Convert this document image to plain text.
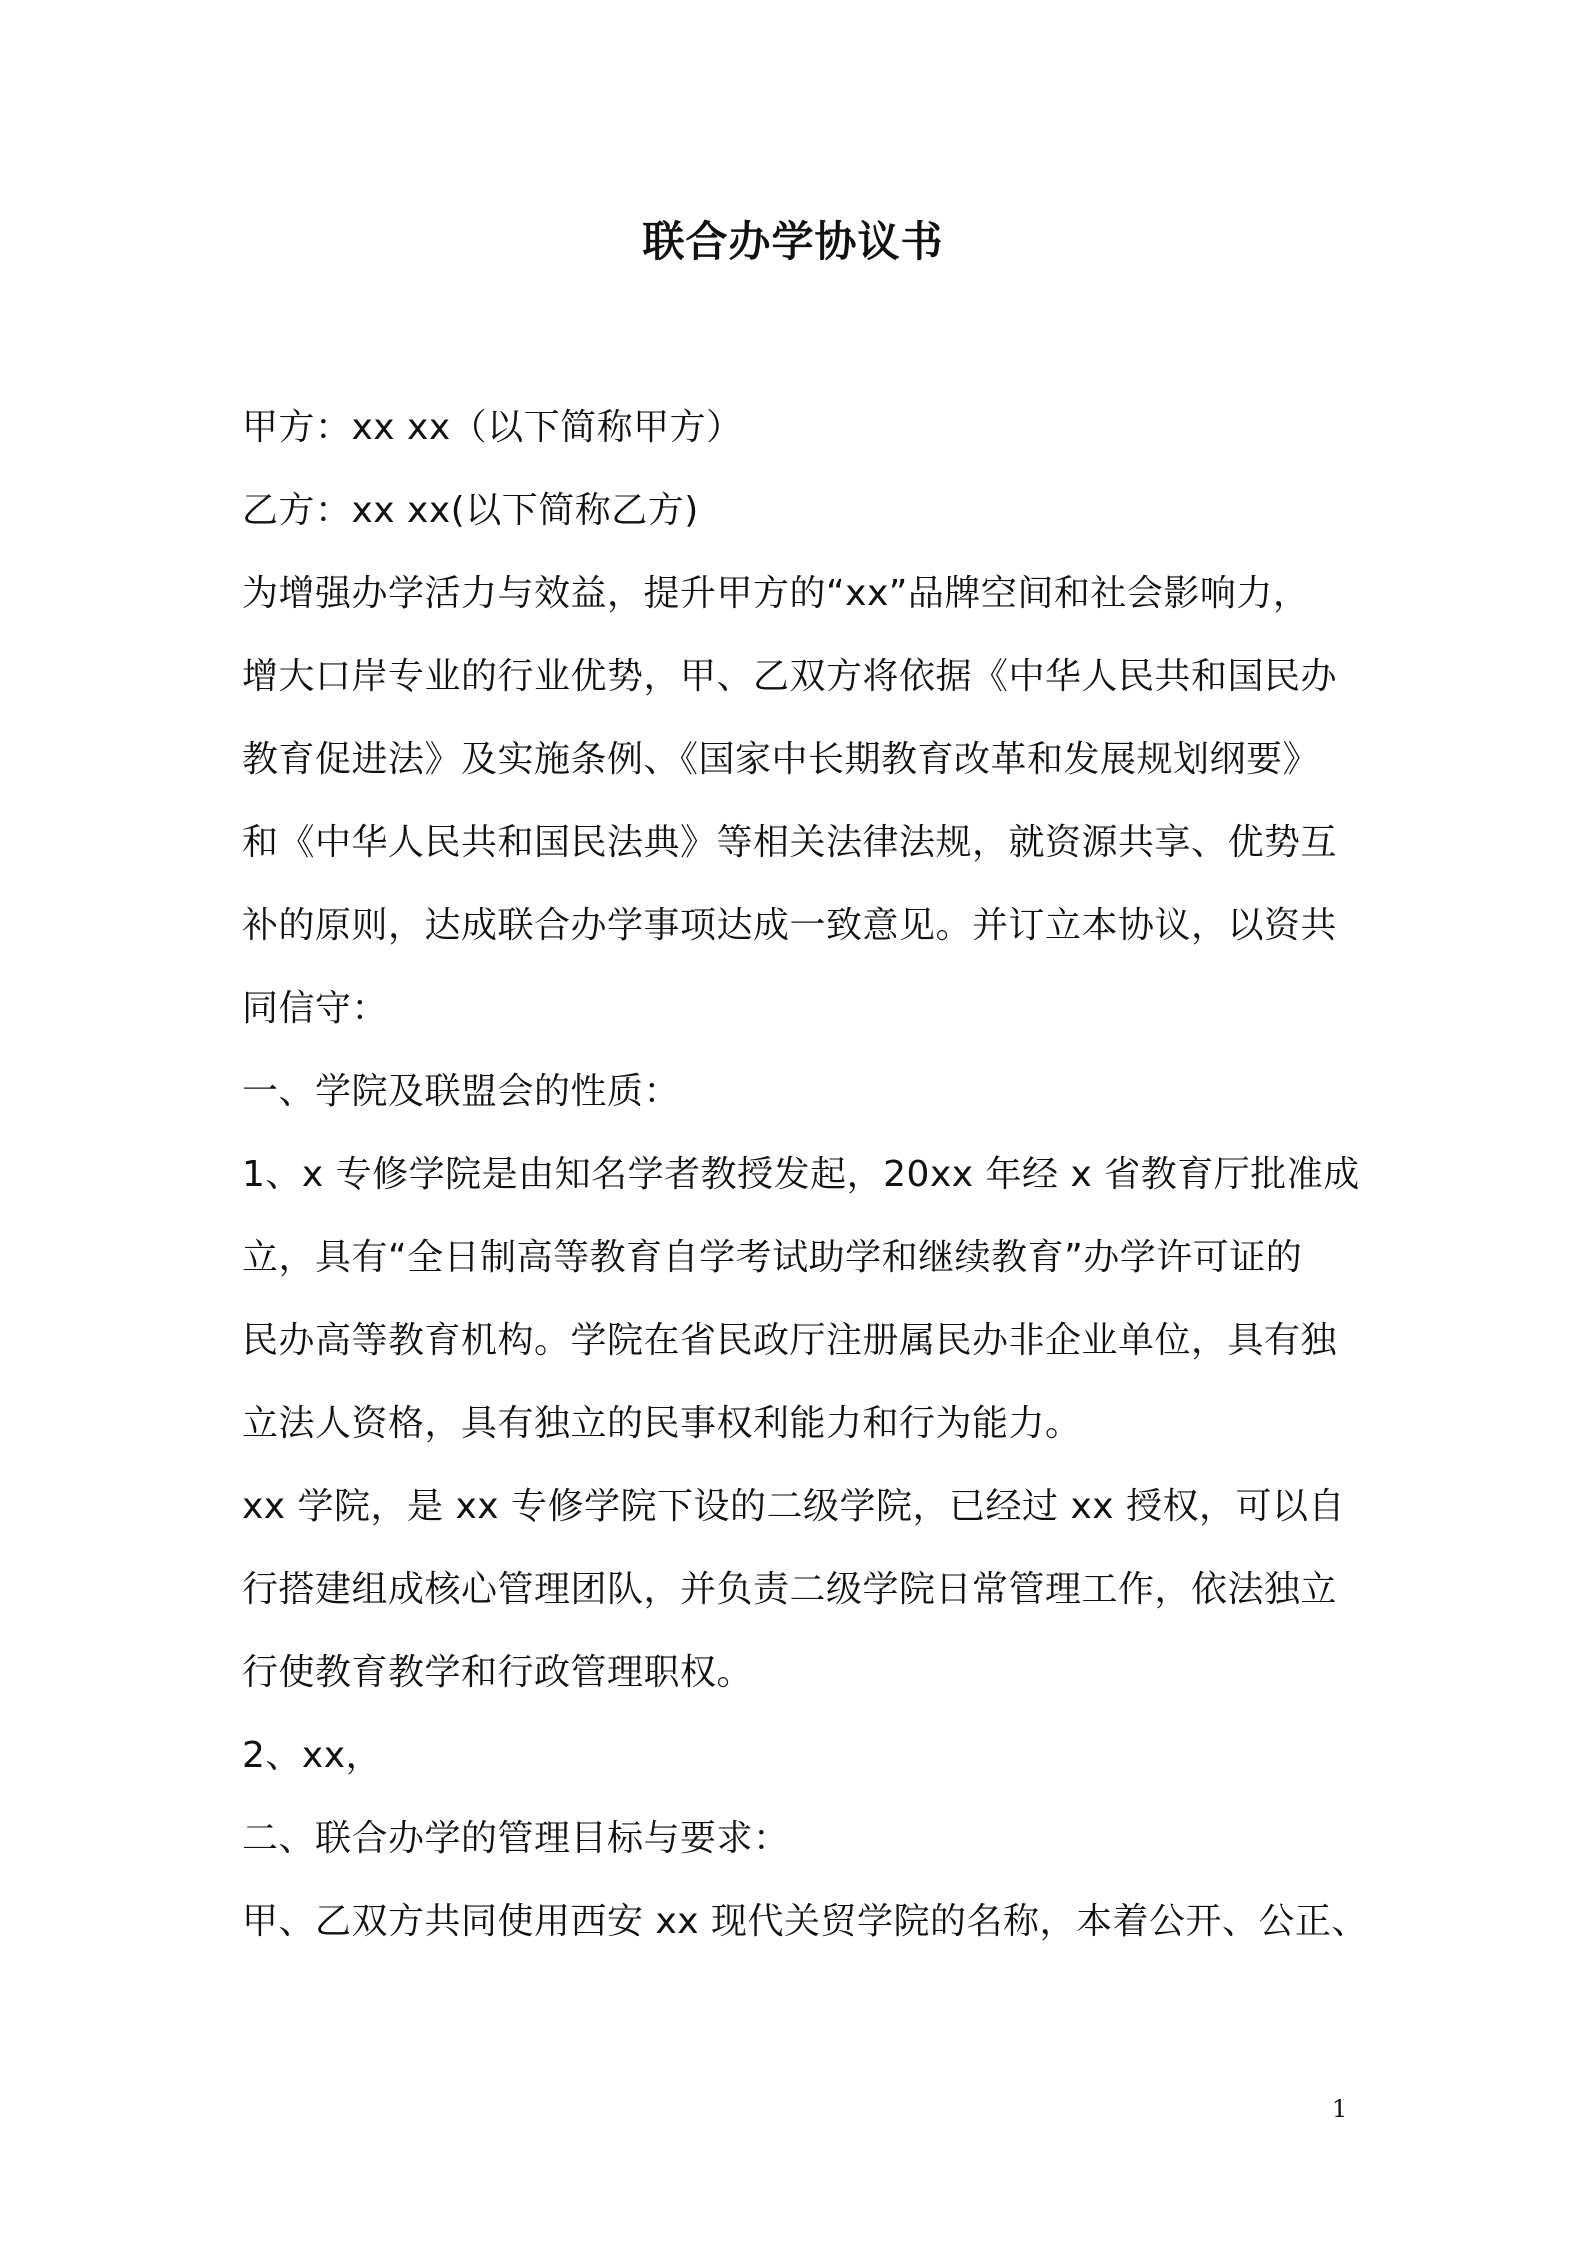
联合办学协议书
甲方：xx xx（以下简称甲方）
乙方：xx xx(以下简称乙方)
为增强办学活力与效益，提升甲方的“xx”品牌空间和社会影响力，
增大口岸专业的行业优势，甲、乙双方将依据《中华人民共和国民办
教育促进法》及实施条例、《国家中长期教育改革和发展规划纲要》
和《中华人民共和国民法典》等相关法律法规，就资源共享、优势互
补的原则，达成联合办学事项达成一致意见。并订立本协议，以资共
同信守：
一、学院及联盟会的性质：
1、x 专修学院是由知名学者教授发起，20xx 年经 x 省教育厅批准成
立，具有“全日制高等教育自学考试助学和继续教育”办学许可证的
民办高等教育机构。学院在省民政厅注册属民办非企业单位，具有独
立法人资格，具有独立的民事权利能力和行为能力。
xx 学院，是 xx 专修学院下设的二级学院，已经过 xx 授权，可以自
行搭建组成核心管理团队，并负责二级学院日常管理工作，依法独立
行使教育教学和行政管理职权。
2、xx，
二、联合办学的管理目标与要求：
甲、乙双方共同使用西安 xx 现代关贸学院的名称，本着公开、公正、
1
